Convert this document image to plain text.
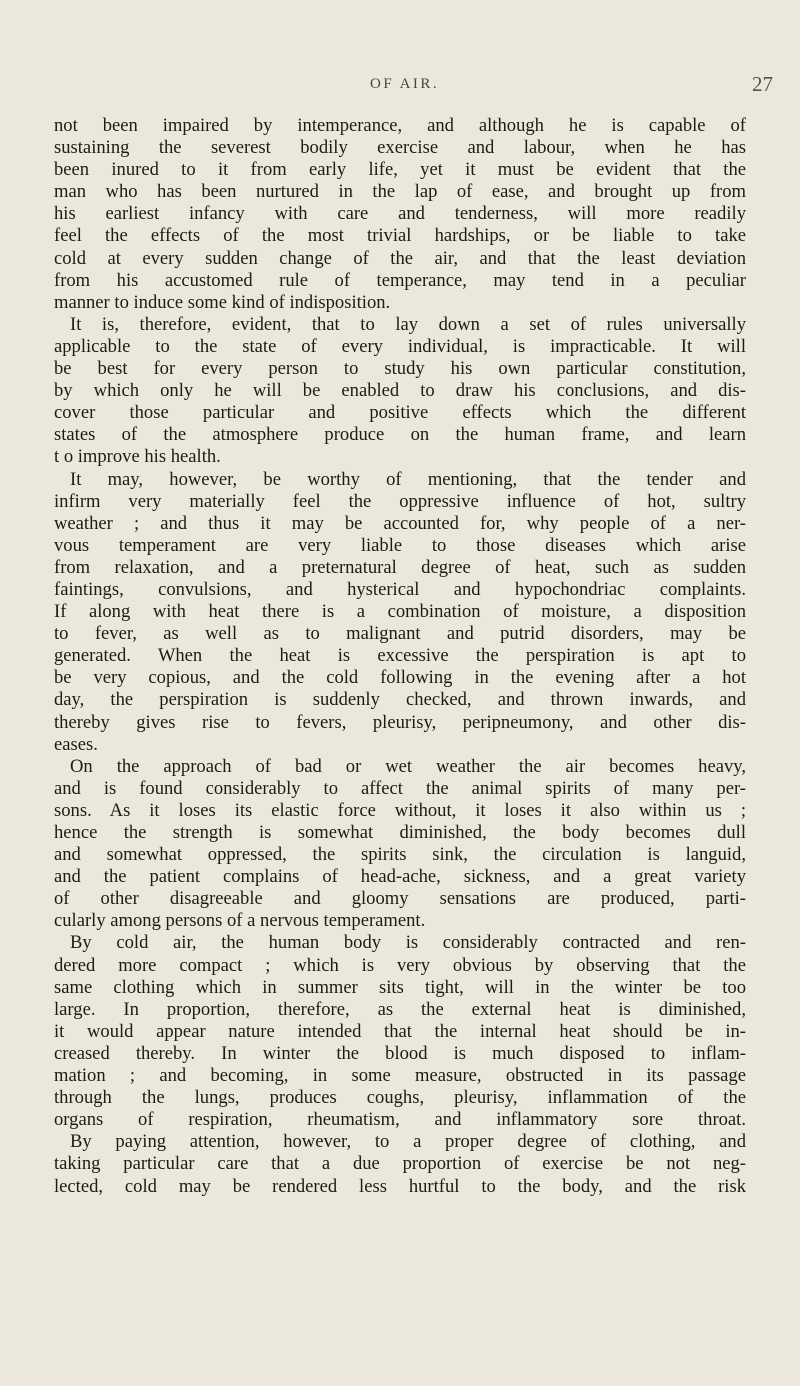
OF AIR.	27
not been impaired by intemperance, and although he is capable of
sustaining the severest bodily exercise and labour, when he has
been inured to it from early life, yet it must be evident that the
man who has been nurtured in the lap of ease, and brought up from
his earliest infancy with care and tenderness, will more readily
feel the effects of the most trivial hardships, or be liable to take
cold at every sudden change of the air, and that the least deviation
from his accustomed rule of temperance, may tend in a peculiar
manner to induce some kind of indisposition.
It is, therefore, evident, that to lay down a set of rules universally
applicable to the state of every individual, is impracticable. It will
be best for every person to study his own particular constitution,
by which only he will be enabled to draw his conclusions, and dis-
cover those particular and positive effects which the different
states of the atmosphere produce on the human frame, and learn
t o improve his health.
It may, however, be worthy of mentioning, that the tender and
infirm very materially feel the oppressive influence of hot, sultry
weather ; and thus it may be accounted for, why people of a ner-
vous temperament are very liable to those diseases which arise
from relaxation, and a preternatural degree of heat, such as sudden
faintings, convulsions, and hysterical and hypochondriac complaints.
If along with heat there is a combination of moisture, a disposition
to fever, as well as to malignant and putrid disorders, may be
generated. When the heat is excessive the perspiration is apt to
be very copious, and the cold following in the evening after a hot
day, the perspiration is suddenly checked, and thrown inwards, and
thereby gives rise to fevers, pleurisy, peripneumony, and other dis-
eases.
On the approach of bad or wet weather the air becomes heavy,
and is found considerably to affect the animal spirits of many per-
sons. As it loses its elastic force without, it loses it also within us ;
hence the strength is somewhat diminished, the body becomes dull
and somewhat oppressed, the spirits sink, the circulation is languid,
and the patient complains of head-ache, sickness, and a great variety
of other disagreeable and gloomy sensations are produced, parti-
cularly among persons of a nervous temperament.
By cold air, the human body is considerably contracted and ren-
dered more compact ; which is very obvious by observing that the
same clothing which in summer sits tight, will in the winter be too
large. In proportion, therefore, as the external heat is diminished,
it would appear nature intended that the internal heat should be in-
creased thereby. In winter the blood is much disposed to inflam-
mation ; and becoming, in some measure, obstructed in its passage
through the lungs, produces coughs, pleurisy, inflammation of the
organs of respiration, rheumatism, and inflammatory sore throat.
By paying attention, however, to a proper degree of clothing, and
taking particular care that a due proportion of exercise be not neg-
lected, cold may be rendered less hurtful to the body, and the risk
